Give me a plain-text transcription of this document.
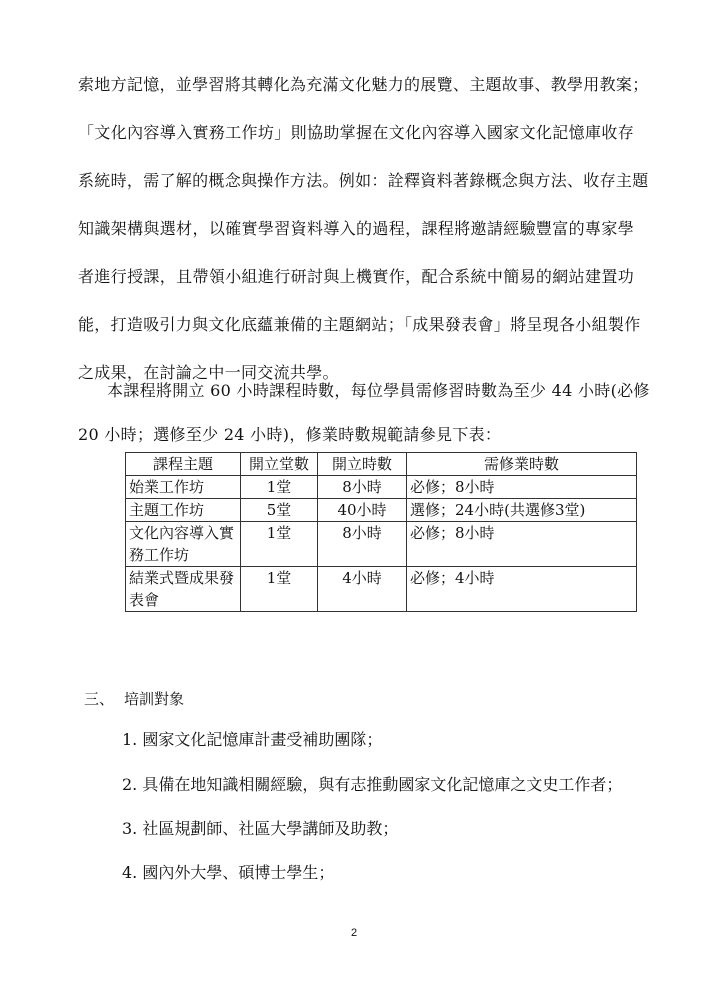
索地方記憶，並學習將其轉化為充滿文化魅力的展覽、主題故事、教學用教案；
「文化內容導入實務工作坊」則協助掌握在文化內容導入國家文化記憶庫收存
系統時，需了解的概念與操作方法。例如：詮釋資料著錄概念與方法、收存主題
知識架構與選材，以確實學習資料導入的過程，課程將邀請經驗豐富的專家學
者進行授課，且帶領小組進行研討與上機實作，配合系統中簡易的網站建置功
能，打造吸引力與文化底蘊兼備的主題網站；「成果發表會」將呈現各小組製作
之成果，在討論之中一同交流共學。
本課程將開立 60 小時課程時數，每位學員需修習時數為至少 44 小時(必修
20 小時；選修至少 24 小時)，修業時數規範請參見下表：
課程主題	開立堂數	開立時數	需修業時數
始業工作坊	1堂	8小時	必修；8小時
主題工作坊	5堂	40小時	選修；24小時(共選修3堂)
文化內容導入實務工作坊	1堂	8小時	必修；8小時
結業式暨成果發表會	1堂	4小時	必修；4小時
三、 培訓對象
1. 國家文化記憶庫計畫受補助團隊；
2. 具備在地知識相關經驗，與有志推動國家文化記憶庫之文史工作者；
3. 社區規劃師、社區大學講師及助教；
4. 國內外大學、碩博士學生；
2
